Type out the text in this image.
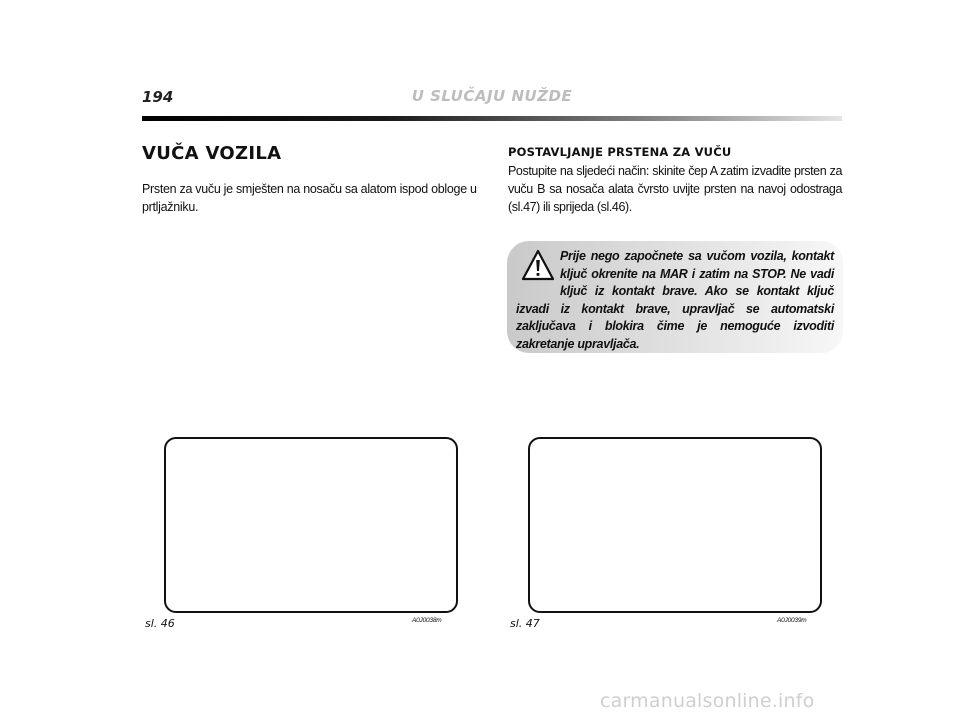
194	U SLUČAJU NUŽDE
VUČA VOZILA
Prsten za vuču je smješten na nosaču sa alatom ispod obloge u prtljažniku.
POSTAVLJANJE PRSTENA ZA VUČU
Postupite na sljedeći način: skinite čep A zatim izvadite prsten za vuču B sa nosača alata čvrsto uvijte prsten na navoj odostraga (sl.47) ili sprijeda (sl.46).
Prije nego započnete sa vučom vozila, kontakt ključ okrenite na MAR i zatim na STOP. Ne vadi ključ iz kontakt brave. Ako se kontakt ključ izvadi iz kontakt brave, upravljač se automatski zaključava i blokira čime je nemoguće izvoditi zakretanje upravljača.
sl. 46	A0J0038m	sl. 47	A0J0039m
carmanualsonline.info
